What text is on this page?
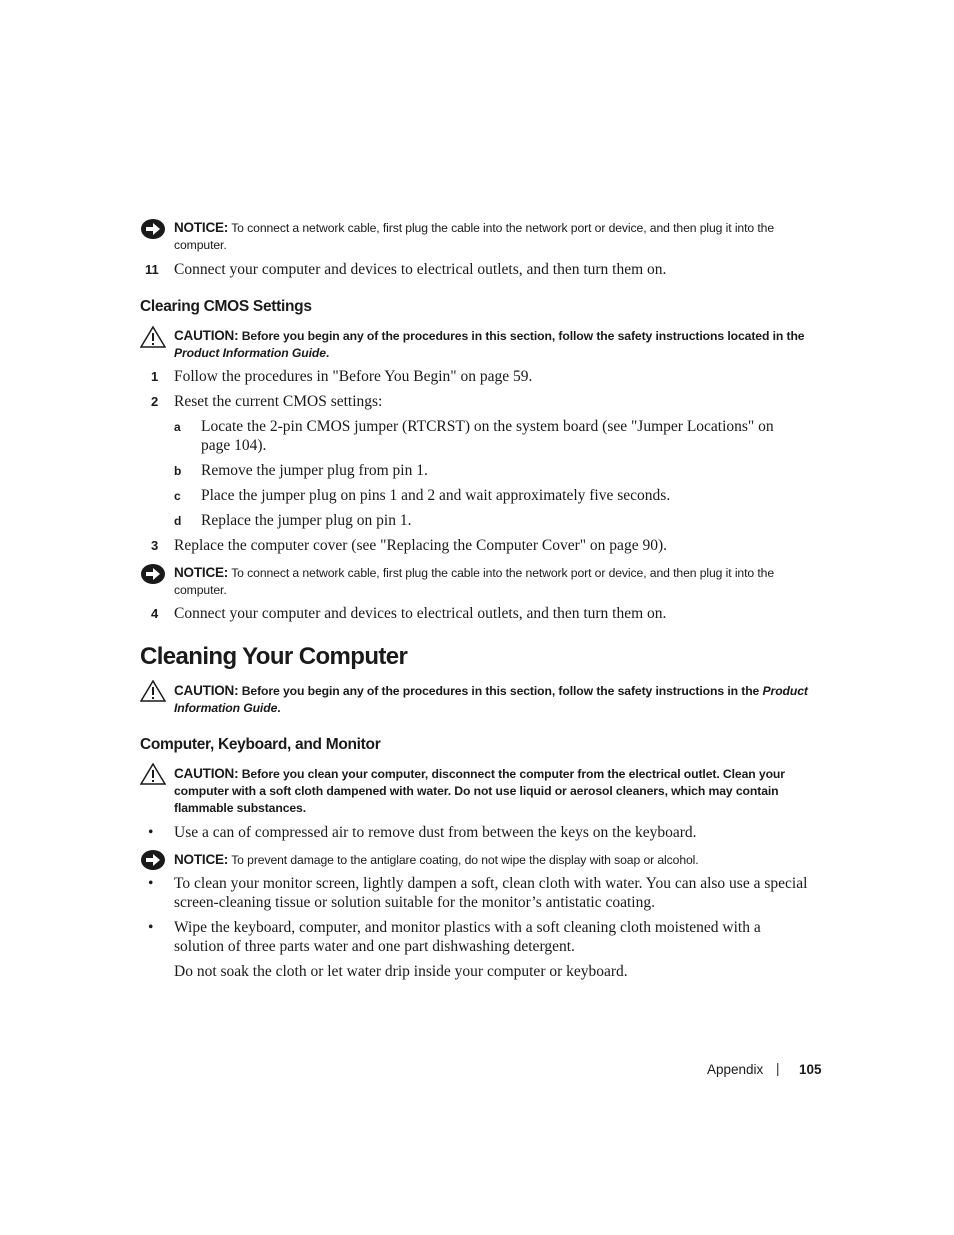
NOTICE: To connect a network cable, first plug the cable into the network port or device, and then plug it into the
computer.
11 Connect your computer and devices to electrical outlets, and then turn them on.
Clearing CMOS Settings
CAUTION: Before you begin any of the procedures in this section, follow the safety instructions located in the
Product Information Guide.
1 Follow the procedures in "Before You Begin" on page 59.
2 Reset the current CMOS settings:
a Locate the 2-pin CMOS jumper (RTCRST) on the system board (see "Jumper Locations" on
page 104).
b Remove the jumper plug from pin 1.
c Place the jumper plug on pins 1 and 2 and wait approximately five seconds.
d Replace the jumper plug on pin 1.
3 Replace the computer cover (see "Replacing the Computer Cover" on page 90).
NOTICE: To connect a network cable, first plug the cable into the network port or device, and then plug it into the
computer.
4 Connect your computer and devices to electrical outlets, and then turn them on.
Cleaning Your Computer
CAUTION: Before you begin any of the procedures in this section, follow the safety instructions in the Product
Information Guide.
Computer, Keyboard, and Monitor
CAUTION: Before you clean your computer, disconnect the computer from the electrical outlet. Clean your
computer with a soft cloth dampened with water. Do not use liquid or aerosol cleaners, which may contain
flammable substances.
• Use a can of compressed air to remove dust from between the keys on the keyboard.
NOTICE: To prevent damage to the antiglare coating, do not wipe the display with soap or alcohol.
• To clean your monitor screen, lightly dampen a soft, clean cloth with water. You can also use a special
screen-cleaning tissue or solution suitable for the monitor’s antistatic coating.
• Wipe the keyboard, computer, and monitor plastics with a soft cleaning cloth moistened with a
solution of three parts water and one part dishwashing detergent.
Do not soak the cloth or let water drip inside your computer or keyboard.
Appendix | 105
